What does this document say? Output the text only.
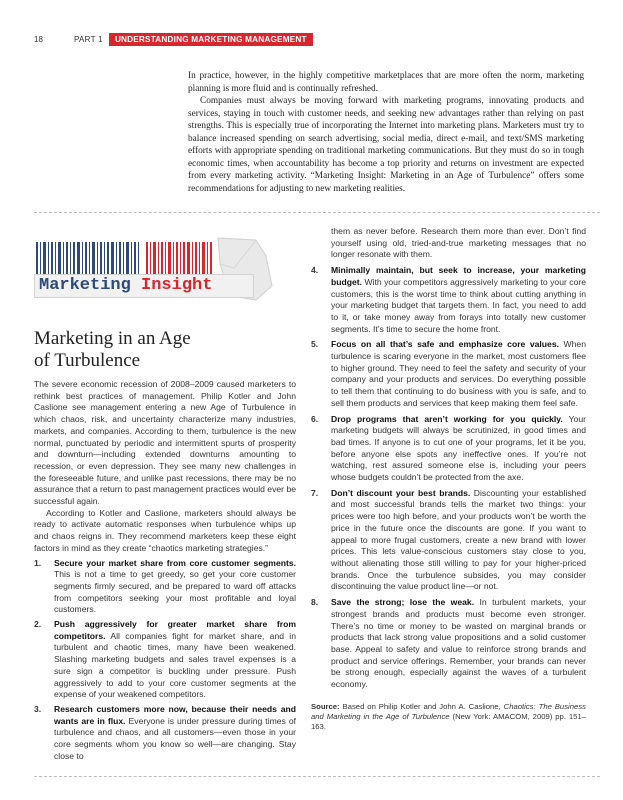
18	PART 1	UNDERSTANDING MARKETING MANAGEMENT

In practice, however, in the highly competitive marketplaces that are more often the norm, marketing planning is more fluid and is continually refreshed.

Companies must always be moving forward with marketing programs, innovating products and services, staying in touch with customer needs, and seeking new advantages rather than relying on past strengths. This is especially true of incorporating the Internet into marketing plans. Marketers must try to balance increased spending on search advertising, social media, direct e-mail, and text/SMS marketing efforts with appropriate spending on traditional marketing communications. But they must do so in tough economic times, when accountability has become a top priority and returns on investment are expected from every marketing activity. “Marketing Insight: Marketing in an Age of Turbulence” offers some recommendations for adjusting to new marketing realities.

Marketing Insight
Marketing in an Age
of Turbulence

The severe economic recession of 2008–2009 caused marketers to rethink best practices of management. Philip Kotler and John Caslione see management entering a new Age of Turbulence in which chaos, risk, and uncertainty characterize many industries, markets, and companies. According to them, turbulence is the new normal, punctuated by periodic and intermittent spurts of prosperity and downturn—including extended downturns amounting to recession, or even depression. They see many new challenges in the foreseeable future, and unlike past recessions, there may be no assurance that a return to past management practices would ever be successful again.

According to Kotler and Caslione, marketers should always be ready to activate automatic responses when turbulence whips up and chaos reigns in. They recommend marketers keep these eight factors in mind as they create “chaotics marketing strategies.”

1.	Secure your market share from core customer segments. This is not a time to get greedy, so get your core customer segments firmly secured, and be prepared to ward off attacks from competitors seeking your most profitable and loyal customers.
2.	Push aggressively for greater market share from competitors. All companies fight for market share, and in turbulent and chaotic times, many have been weakened. Slashing marketing budgets and sales travel expenses is a sure sign a competitor is buckling under pressure. Push aggressively to add to your core customer segments at the expense of your weakened competitors.
3.	Research customers more now, because their needs and wants are in flux. Everyone is under pressure during times of turbulence and chaos, and all customers—even those in your core segments whom you know so well—are changing. Stay close to
them as never before. Research them more than ever. Don’t find yourself using old, tried-and-true marketing messages that no longer resonate with them.
4.	Minimally maintain, but seek to increase, your marketing budget. With your competitors aggressively marketing to your core customers, this is the worst time to think about cutting anything in your marketing budget that targets them. In fact, you need to add to it, or take money away from forays into totally new customer segments. It’s time to secure the home front.
5.	Focus on all that’s safe and emphasize core values. When turbulence is scaring everyone in the market, most customers flee to higher ground. They need to feel the safety and security of your company and your products and services. Do everything possible to tell them that continuing to do business with you is safe, and to sell them products and services that keep making them feel safe.
6.	Drop programs that aren’t working for you quickly. Your marketing budgets will always be scrutinized, in good times and bad times. If anyone is to cut one of your programs, let it be you, before anyone else spots any ineffective ones. If you’re not watching, rest assured someone else is, including your peers whose budgets couldn’t be protected from the axe.
7.	Don’t discount your best brands. Discounting your established and most successful brands tells the market two things: your prices were too high before, and your products won’t be worth the price in the future once the discounts are gone. If you want to appeal to more frugal customers, create a new brand with lower prices. This lets value-conscious customers stay close to you, without alienating those still willing to pay for your higher-priced brands. Once the turbulence subsides, you may consider discontinuing the value product line—or not.
8.	Save the strong; lose the weak. In turbulent markets, your strongest brands and products must become even stronger. There’s no time or money to be wasted on marginal brands or products that lack strong value propositions and a solid customer base. Appeal to safety and value to reinforce strong brands and product and service offerings. Remember, your brands can never be strong enough, especially against the waves of a turbulent economy.
Source: Based on Philip Kotler and John A. Caslione, Chaotics: The Business and Marketing in the Age of Turbulence (New York: AMACOM, 2009) pp. 151–163.
